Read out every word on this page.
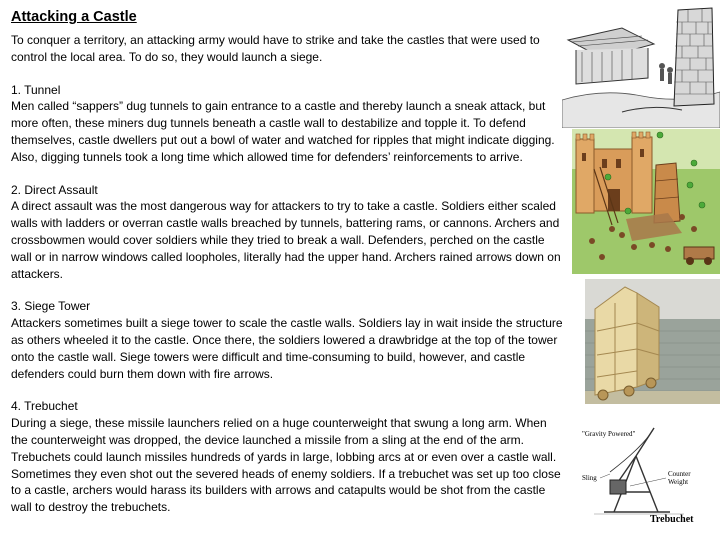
Attacking a Castle

To conquer a territory, an attacking army would have to strike and take the castles that were used to control the local area. To do so, they would launch a siege.

1. Tunnel

Men called “sappers” dug tunnels to gain entrance to a castle and thereby launch a sneak attack, but more often, these miners dug tunnels beneath a castle wall to destabilize and topple it. To defend themselves, castle dwellers put out a bowl of water and watched for ripples that might indicate digging. Also, digging tunnels took a long time which allowed time for defenders’ reinforcements to arrive.

2. Direct Assault

A direct assault was the most dangerous way for attackers to try to take a castle. Soldiers either scaled walls with ladders or overran castle walls breached by tunnels, battering rams, or cannons. Archers and crossbowmen would cover soldiers while they tried to break a wall. Defenders, perched on the castle wall or in narrow windows called loopholes, literally had the upper hand. Archers rained arrows down on attackers.

3. Siege Tower

Attackers sometimes built a siege tower to scale the castle walls. Soldiers lay in wait inside the structure as others wheeled it to the castle. Once there, the soldiers lowered a drawbridge at the top of the tower onto the castle wall. Siege towers were difficult and time-consuming to build, however, and castle defenders could burn them down with fire arrows.

4. Trebuchet

During a siege, these missile launchers relied on a huge counterweight that swung a long arm. When the counterweight was dropped, the device launched a missile from a sling at the end of the arm. Trebuchets could launch missiles hundreds of yards in large, lobbing arcs at or even over a castle wall. Sometimes they even shot out the severed heads of enemy soldiers. If a trebuchet was set up too close to a castle, archers would harass its builders with arrows and catapults would be shot from the castle wall to destroy the trebuchets.

"Gravity Powered"
Sling	Counter
Weight
Trebuchet
